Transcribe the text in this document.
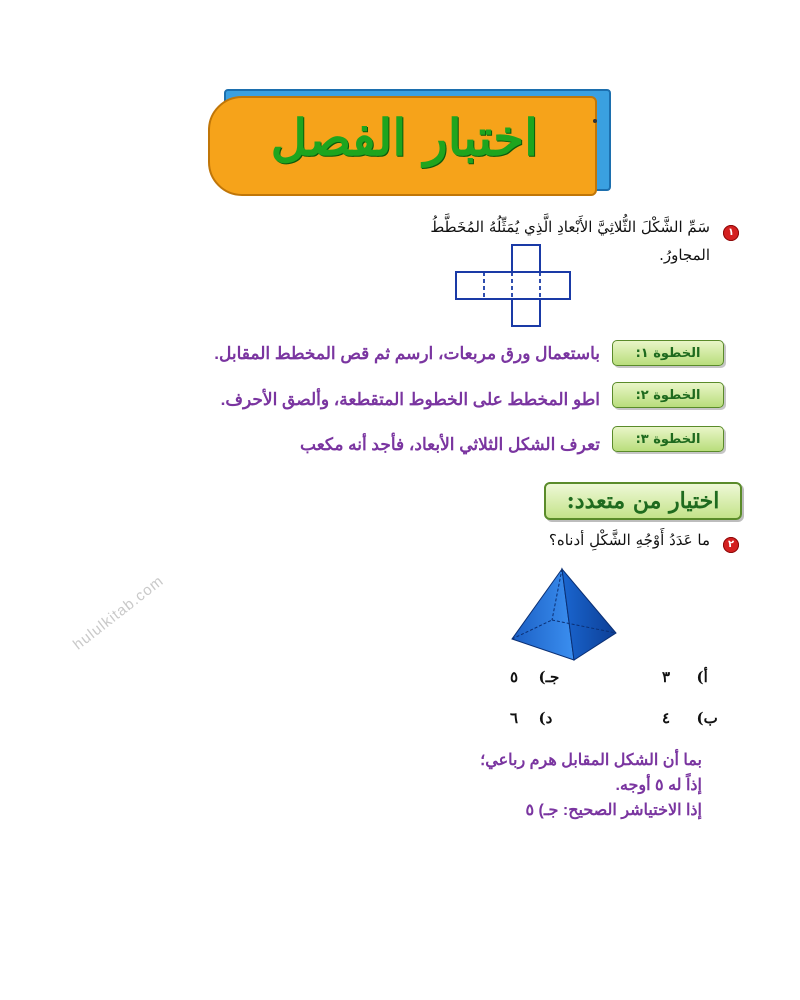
اختبار الفصل
١
سَمِّ الشَّكْلَ الثُّلاثِيَّ الأَبْعادِ الَّذِي يُمَثِّلُهُ المُخَطَّطُ
المجاورُ.
الخطوة ١:
باستعمال ورق مربعات، ارسم ثم قص المخطط المقابل.
الخطوة ٢:
اطو المخطط على الخطوط المتقطعة، وألصق الأحرف.
الخطوة ٣:
تعرف الشكل الثلاثي الأبعاد، فأجد أنه مكعب
اختيار من متعدد:
٢
ما عَدَدُ أَوْجُهِ الشَّكْلِ أدناه؟
أ)  ٣
جـ)  ٥
ب)  ٤
د)  ٦
بما أن الشكل المقابل هرم رباعي؛
إذاً له ٥ أوجه.
إذا الاختياشر الصحيح: جـ) ٥
hululkitab.com
